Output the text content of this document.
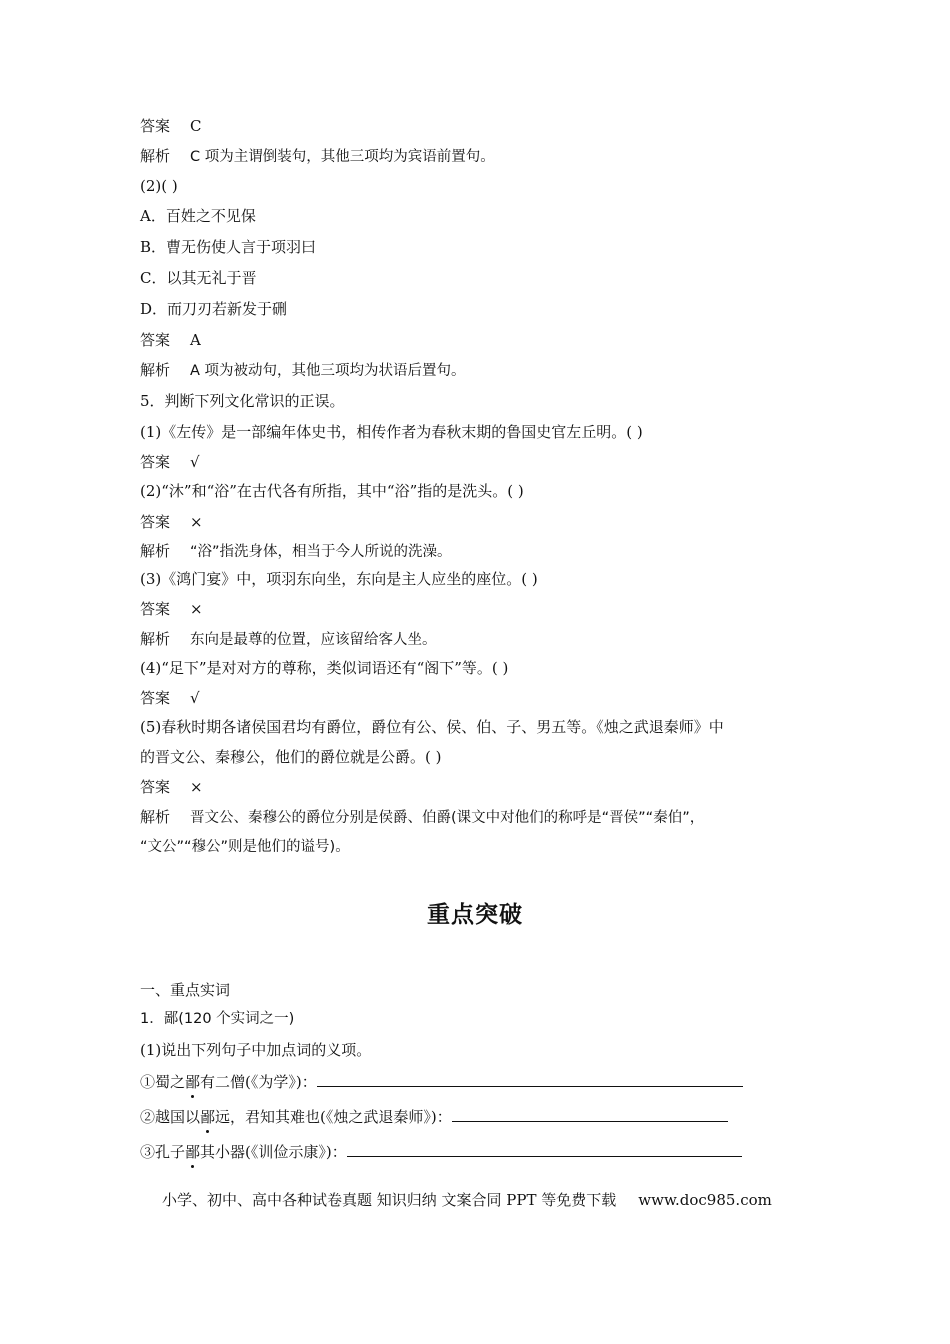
答案 C
解析 C 项为主谓倒装句，其他三项均为宾语前置句。
(2)( )
A．百姓之不见保
B．曹无伤使人言于项羽曰
C．以其无礼于晋
D．而刀刃若新发于硎
答案 A
解析 A 项为被动句，其他三项均为状语后置句。
5．判断下列文化常识的正误。
(1)《左传》是一部编年体史书，相传作者为春秋末期的鲁国史官左丘明。( )
答案 √
(2)“沐”和“浴”在古代各有所指，其中“浴”指的是洗头。( )
答案 ×
解析 “浴”指洗身体，相当于今人所说的洗澡。
(3)《鸿门宴》中，项羽东向坐，东向是主人应坐的座位。( )
答案 ×
解析 东向是最尊的位置，应该留给客人坐。
(4)“足下”是对对方的尊称，类似词语还有“阁下”等。( )
答案 √
(5)春秋时期各诸侯国君均有爵位，爵位有公、侯、伯、子、男五等。《烛之武退秦师》中
的晋文公、秦穆公，他们的爵位就是公爵。( )
答案 ×
解析 晋文公、秦穆公的爵位分别是侯爵、伯爵(课文中对他们的称呼是“晋侯”“秦伯”，
“文公”“穆公”则是他们的谥号)。
重点突破
一、重点实词
1．鄙(120 个实词之一)
(1)说出下列句子中加点词的义项。
①蜀之鄙有二僧(《为学》)：
②越国以鄙远，君知其难也(《烛之武退秦师》)：
③孔子鄙其小器(《训俭示康》)：
小学、初中、高中各种试卷真题 知识归纳 文案合同 PPT 等免费下载 www.doc985.com
